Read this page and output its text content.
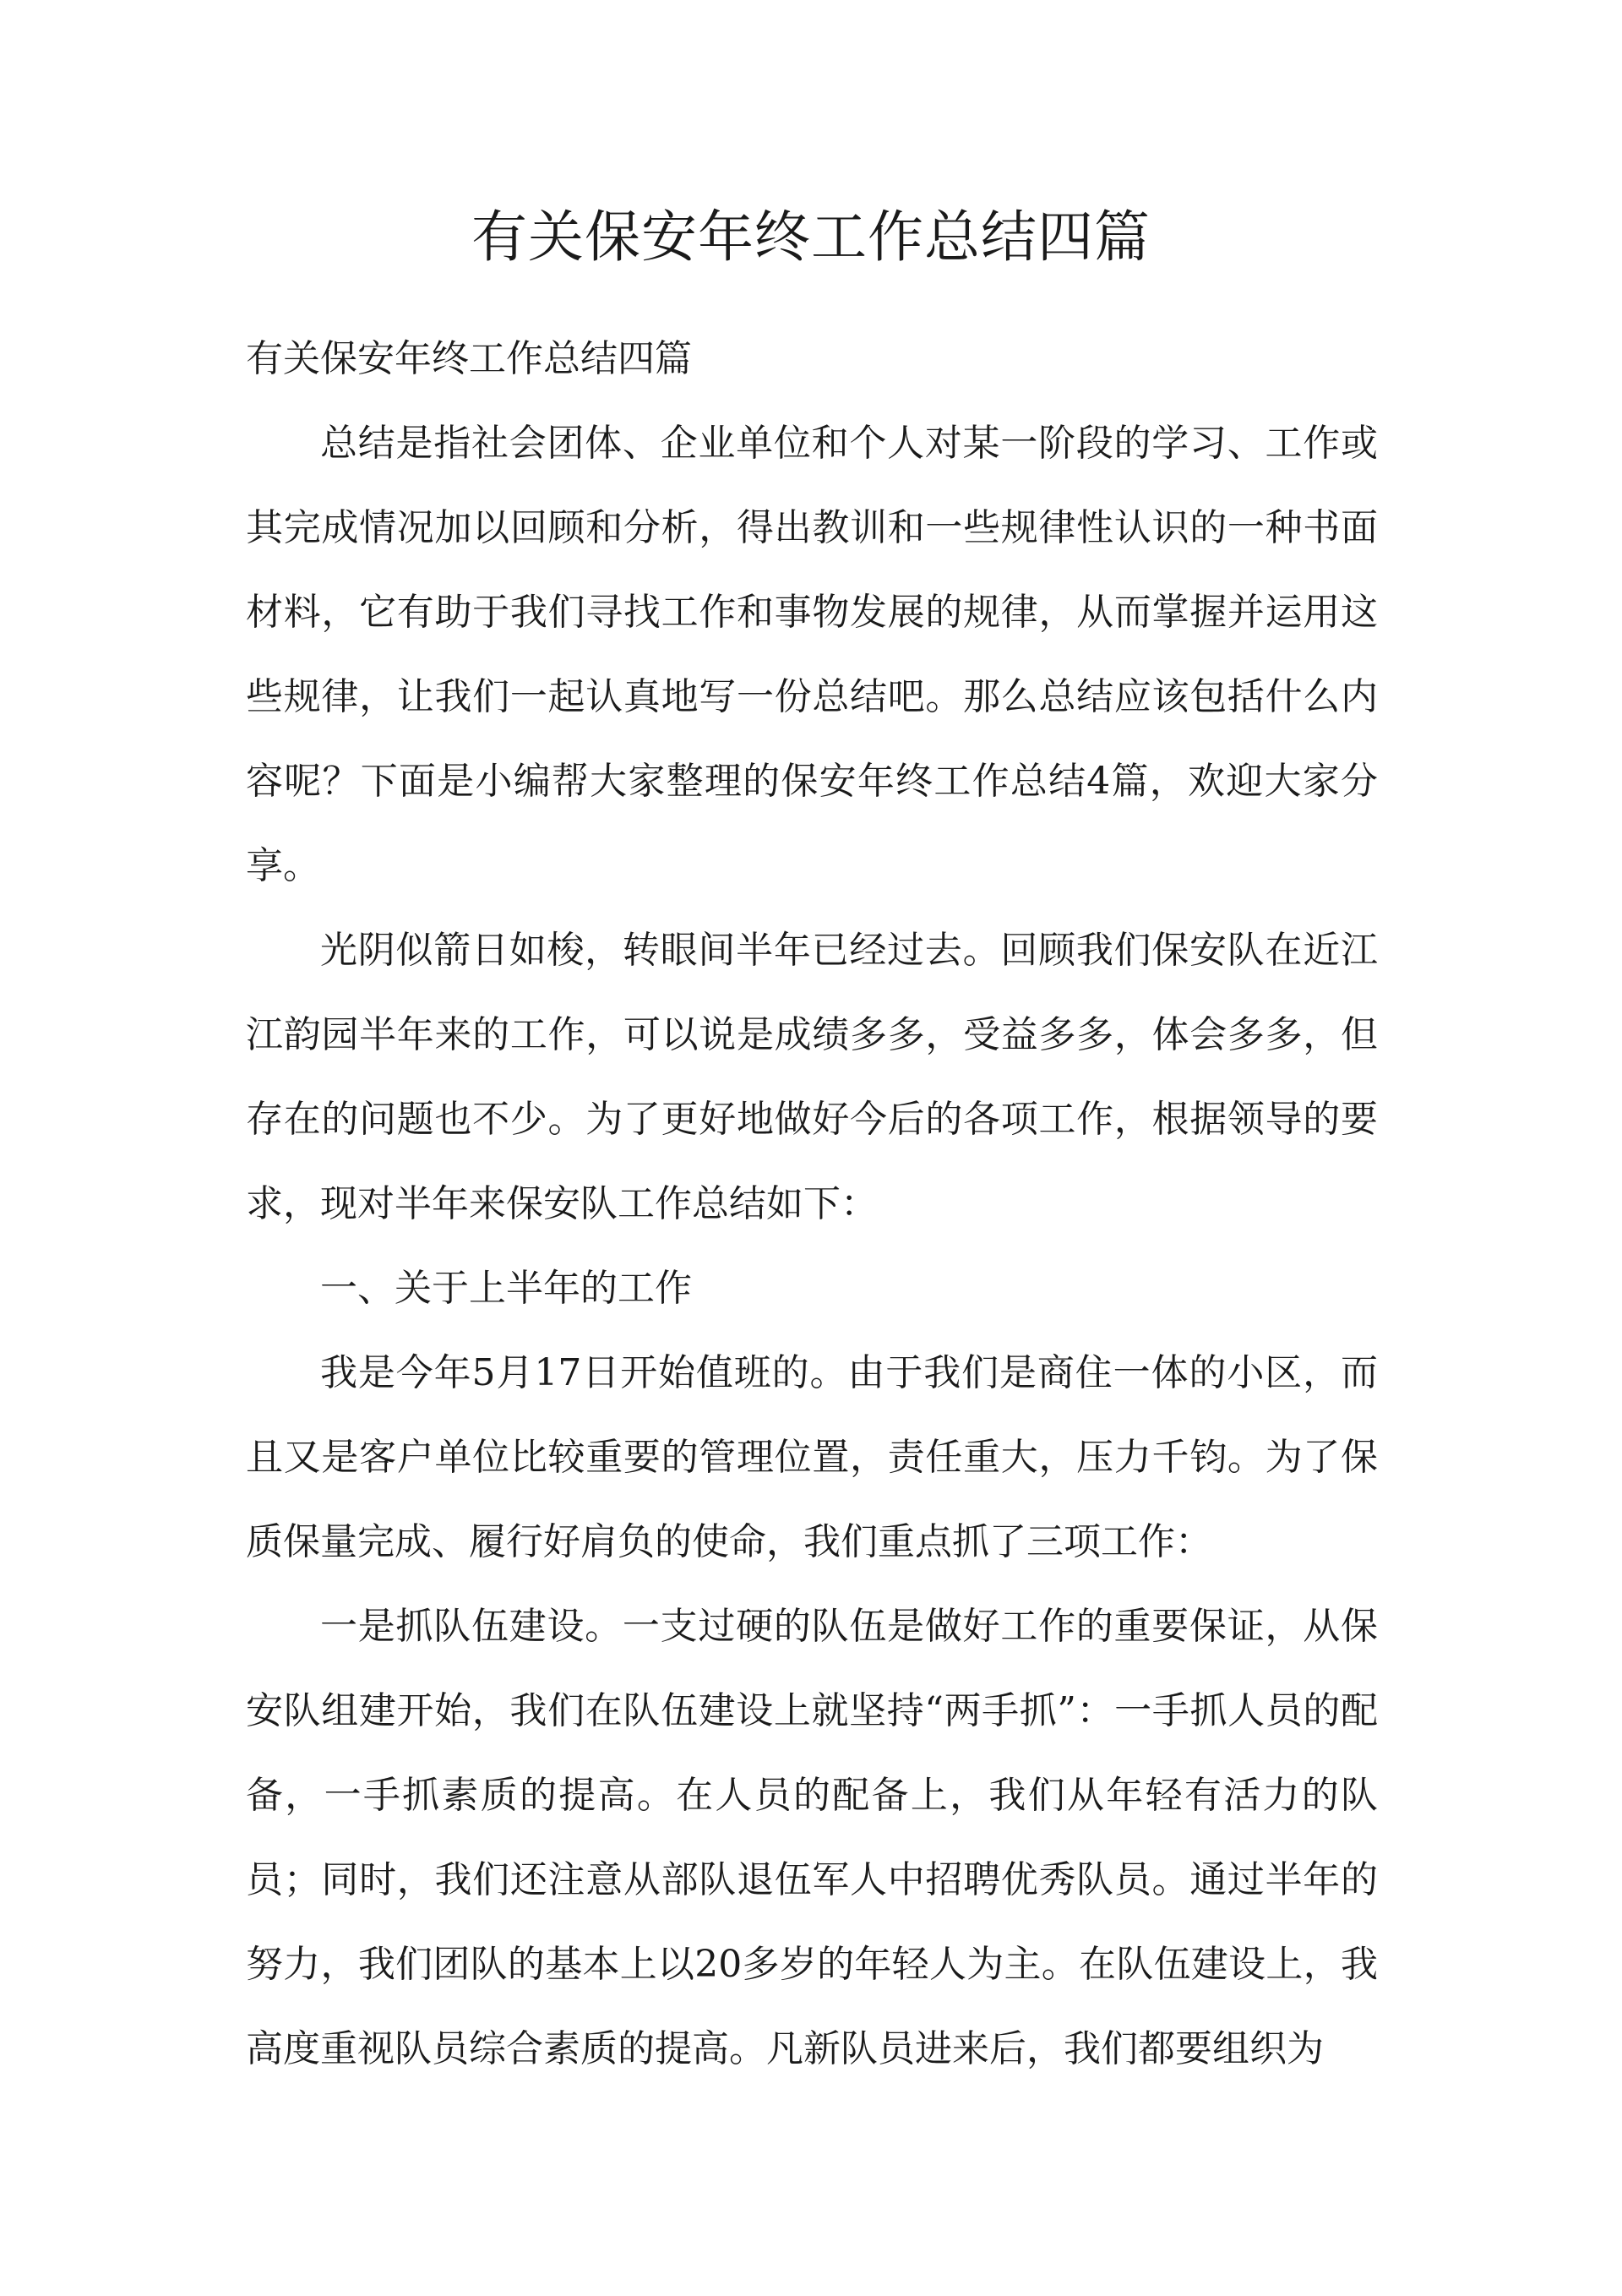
有关保安年终工作总结四篇

有关保安年终工作总结四篇

总结是指社会团体、企业单位和个人对某一阶段的学习、工作或其完成情况加以回顾和分析，得出教训和一些规律性认识的一种书面材料，它有助于我们寻找工作和事物发展的规律，从而掌握并运用这些规律，让我们一起认真地写一份总结吧。那么总结应该包括什么内容呢？下面是小编帮大家整理的保安年终工作总结4篇，欢迎大家分享。

光阴似箭日如梭，转眼间半年已经过去。回顾我们保安队在近江江韵园半年来的工作，可以说是成绩多多，受益多多，体会多多，但存在的问题也不少。为了更好地做好今后的各项工作，根据领导的要求，现对半年来保安队工作总结如下：

一、关于上半年的工作

我是今年5月17日开始值班的。由于我们是商住一体的小区，而且又是客户单位比较重要的管理位置，责任重大，压力千钧。为了保质保量完成、履行好肩负的使命，我们重点抓了三项工作：

一是抓队伍建设。一支过硬的队伍是做好工作的重要保证，从保安队组建开始，我们在队伍建设上就坚持“两手抓”：一手抓人员的配备，一手抓素质的提高。在人员的配备上，我们从年轻有活力的队员；同时，我们还注意从部队退伍军人中招聘优秀队员。通过半年的努力，我们团队的基本上以20多岁的年轻人为主。在队伍建设上，我高度重视队员综合素质的提高。凡新队员进来后，我们都要组织为
